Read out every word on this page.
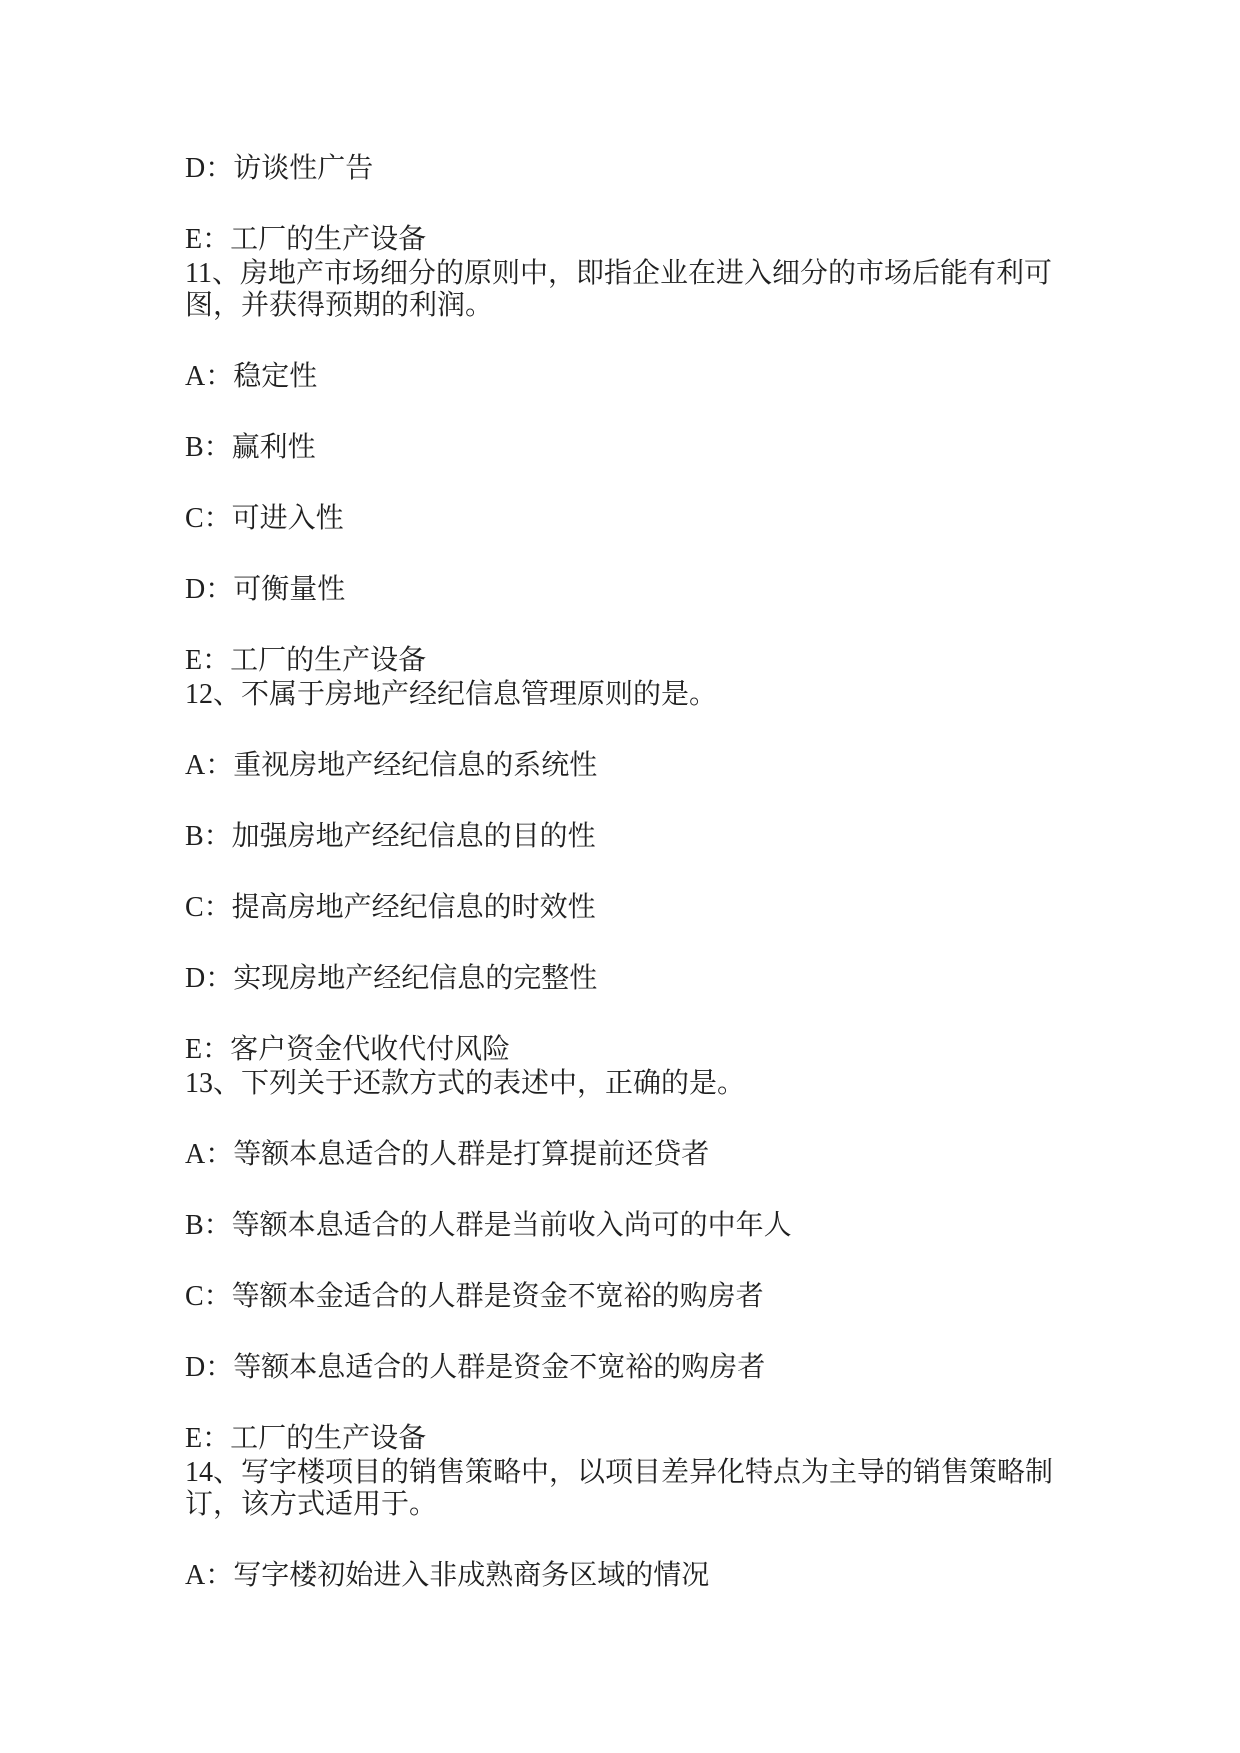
D：访谈性广告
E：工厂的生产设备
11、房地产市场细分的原则中，即指企业在进入细分的市场后能有利可
图，并获得预期的利润。
A：稳定性
B：赢利性
C：可进入性
D：可衡量性
E：工厂的生产设备
12、不属于房地产经纪信息管理原则的是。
A：重视房地产经纪信息的系统性
B：加强房地产经纪信息的目的性
C：提高房地产经纪信息的时效性
D：实现房地产经纪信息的完整性
E：客户资金代收代付风险
13、下列关于还款方式的表述中，正确的是。
A：等额本息适合的人群是打算提前还贷者
B：等额本息适合的人群是当前收入尚可的中年人
C：等额本金适合的人群是资金不宽裕的购房者
D：等额本息适合的人群是资金不宽裕的购房者
E：工厂的生产设备
14、写字楼项目的销售策略中，以项目差异化特点为主导的销售策略制
订，该方式适用于。
A：写字楼初始进入非成熟商务区域的情况
